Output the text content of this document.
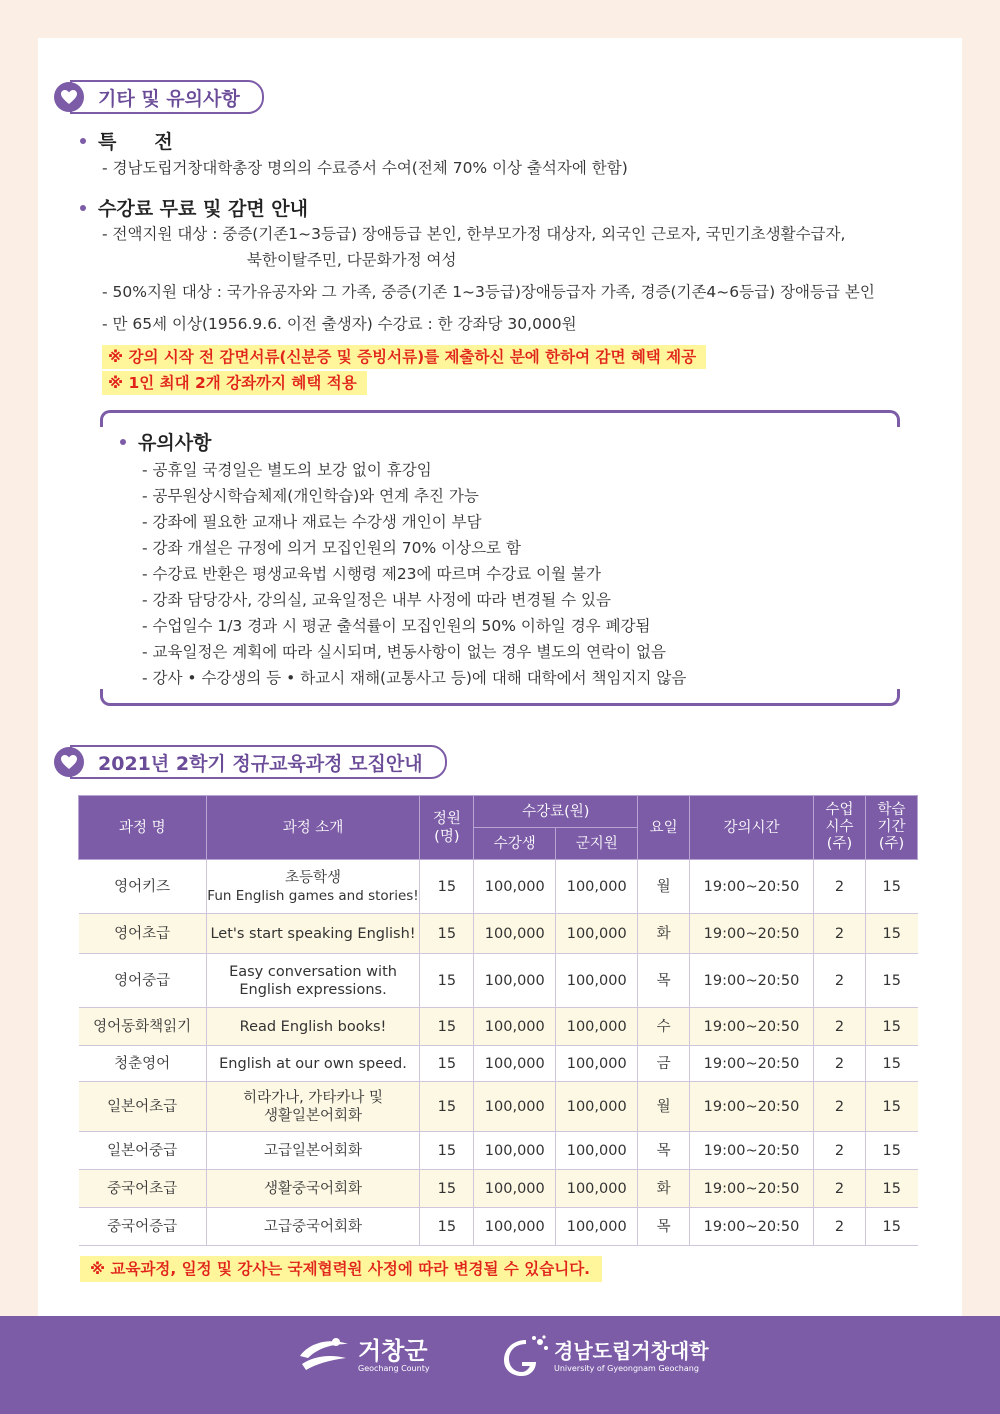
기타 및 유의사항
특　　전
- 경남도립거창대학총장 명의의 수료증서 수여(전체 70% 이상 출석자에 한함)
수강료 무료 및 감면 안내
- 전액지원 대상 : 중증(기존1~3등급) 장애등급 본인, 한부모가정 대상자, 외국인 근로자, 국민기초생활수급자,
북한이탈주민, 다문화가정 여성
- 50%지원 대상 : 국가유공자와 그 가족, 중증(기존 1~3등급)장애등급자 가족, 경증(기존4~6등급) 장애등급 본인
- 만 65세 이상(1956.9.6. 이전 출생자) 수강료 : 한 강좌당 30,000원
※ 강의 시작 전 감면서류(신분증 및 증빙서류)를 제출하신 분에 한하여 감면 혜택 제공
※ 1인 최대 2개 강좌까지 혜택 적용
유의사항
- 공휴일 국경일은 별도의 보강 없이 휴강임
- 공무원상시학습체제(개인학습)와 연계 추진 가능
- 강좌에 필요한 교재나 재료는 수강생 개인이 부담
- 강좌 개설은 규정에 의거 모집인원의 70% 이상으로 함
- 수강료 반환은 평생교육법 시행령 제23에 따르며 수강료 이월 불가
- 강좌 담당강사, 강의실, 교육일정은 내부 사정에 따라 변경될 수 있음
- 수업일수 1/3 경과 시 평균 출석률이 모집인원의 50% 이하일 경우 폐강됨
- 교육일정은 계획에 따라 실시되며, 변동사항이 없는 경우 별도의 연락이 없음
- 강사 • 수강생의 등 • 하교시 재해(교통사고 등)에 대해 대학에서 책임지지 않음
2021년 2학기 정규교육과정 모집안내
과정 명	과정 소개	정원 (명)	수강료(원)		요일	강의시간	수업 시수 (주)	학습 기간 (주)
			수강생	군지원				
영어키즈	초등학생
Fun English games and stories!	15	100,000	100,000	월	19:00~20:50	2	15
영어초급	Let's start speaking English!	15	100,000	100,000	화	19:00~20:50	2	15
영어중급	Easy conversation with
English expressions.	15	100,000	100,000	목	19:00~20:50	2	15
영어동화책읽기	Read English books!	15	100,000	100,000	수	19:00~20:50	2	15
청춘영어	English at our own speed.	15	100,000	100,000	금	19:00~20:50	2	15
일본어초급	히라가나, 가타카나 및
생활일본어회화	15	100,000	100,000	월	19:00~20:50	2	15
일본어중급	고급일본어회화	15	100,000	100,000	목	19:00~20:50	2	15
중국어초급	생활중국어회화	15	100,000	100,000	화	19:00~20:50	2	15
중국어증급	고급중국어회화	15	100,000	100,000	목	19:00~20:50	2	15
※ 교육과정, 일정 및 강사는 국제협력원 사정에 따라 변경될 수 있습니다.
거창군
Geochang County
경남도립거창대학
University of Gyeongnam Geochang
